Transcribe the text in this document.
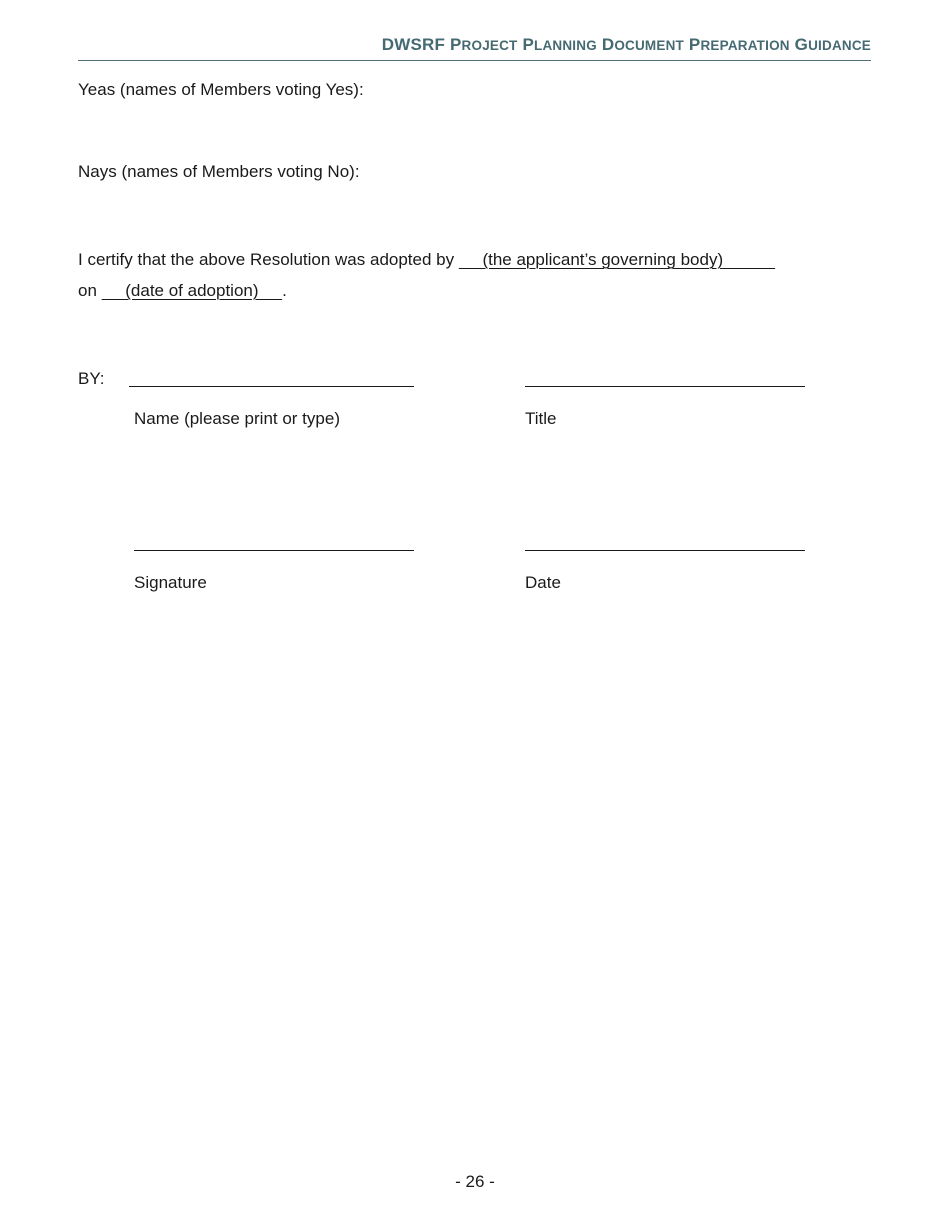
DWSRF PROJECT PLANNING DOCUMENT PREPARATION GUIDANCE
Yeas (names of Members voting Yes):
Nays (names of Members voting No):
I certify that the above Resolution was adopted by      (the applicant’s governing body)
on      (date of adoption)     .
BY:
Name (please print or type)	Title
Signature	Date
- 26 -
